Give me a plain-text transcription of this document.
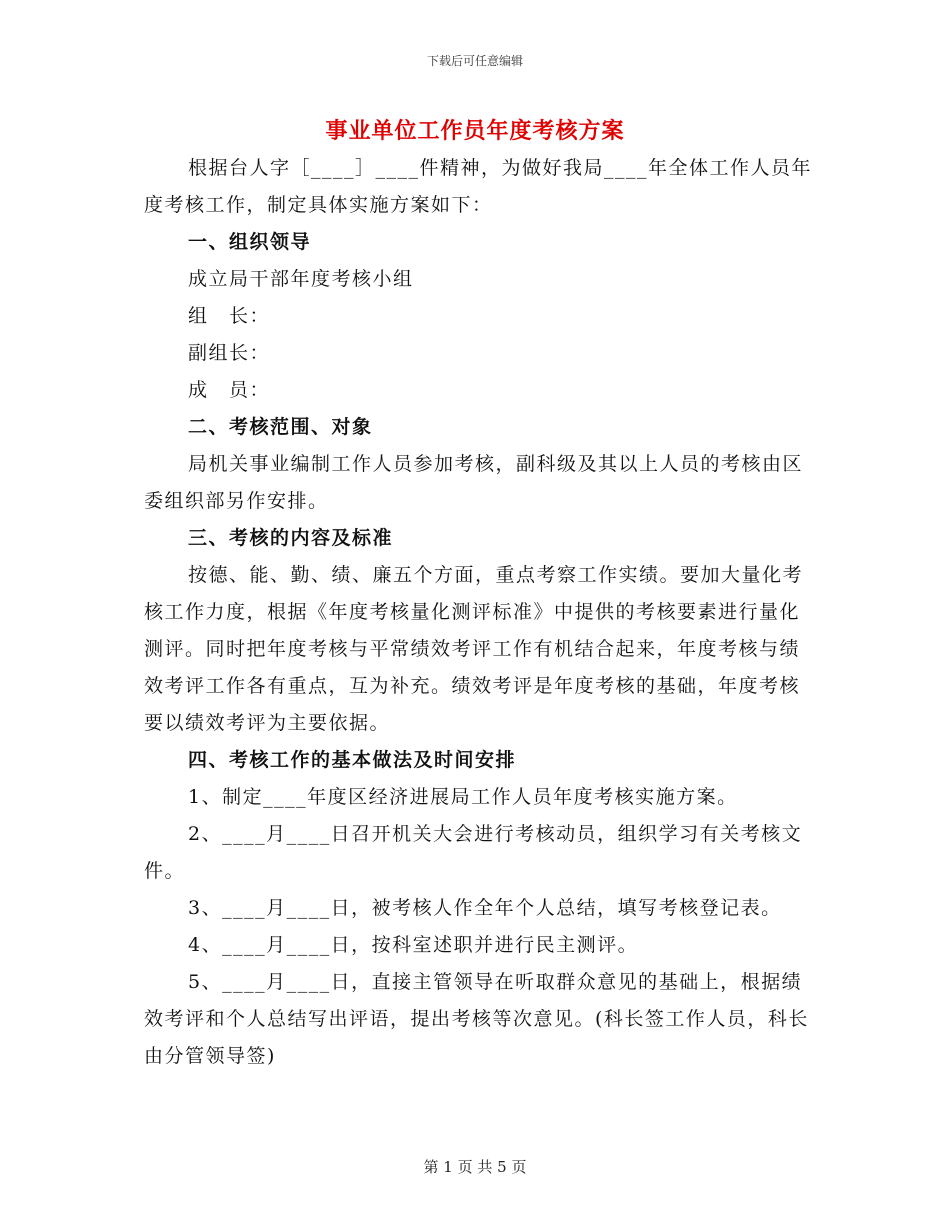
下载后可任意编辑
事业单位工作员年度考核方案

根据台人字［____］____件精神，为做好我局____年全体工作人员年度考核工作，制定具体实施方案如下：

一、组织领导

成立局干部年度考核小组

组　长：

副组长：

成　员：

二、考核范围、对象

局机关事业编制工作人员参加考核，副科级及其以上人员的考核由区委组织部另作安排。

三、考核的内容及标准

按德、能、勤、绩、廉五个方面，重点考察工作实绩。要加大量化考核工作力度，根据《年度考核量化测评标准》中提供的考核要素进行量化测评。同时把年度考核与平常绩效考评工作有机结合起来，年度考核与绩效考评工作各有重点，互为补充。绩效考评是年度考核的基础，年度考核要以绩效考评为主要依据。

四、考核工作的基本做法及时间安排

1、制定____年度区经济进展局工作人员年度考核实施方案。

2、____月____日召开机关大会进行考核动员，组织学习有关考核文件。

3、____月____日，被考核人作全年个人总结，填写考核登记表。

4、____月____日，按科室述职并进行民主测评。

5、____月____日，直接主管领导在听取群众意见的基础上，根据绩效考评和个人总结写出评语，提出考核等次意见。(科长签工作人员，科长由分管领导签)

第 1 页 共 5 页
